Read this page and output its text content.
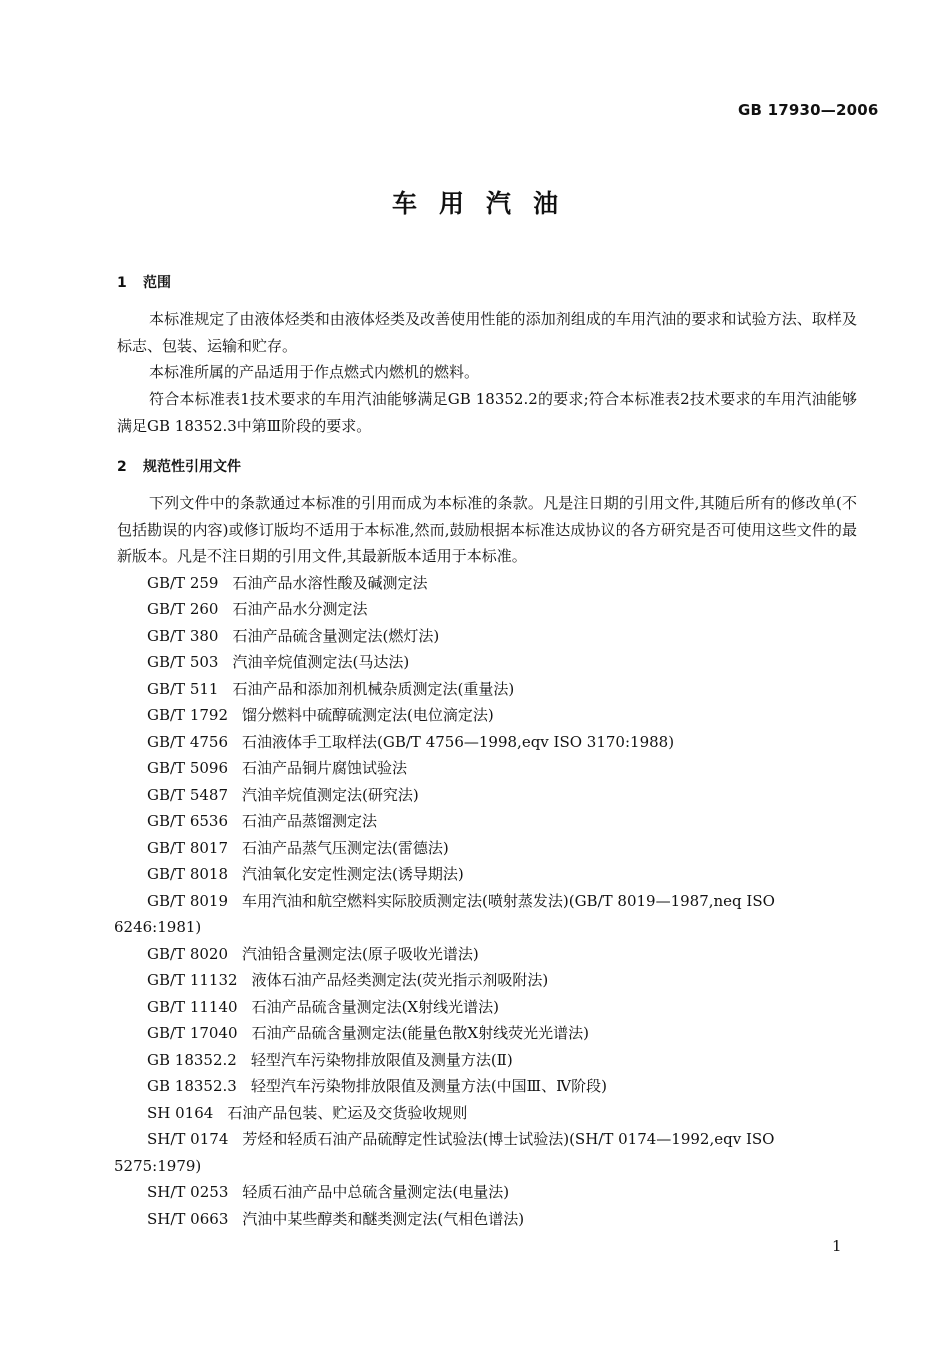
GB 17930—2006
车用汽油
1 范围
本标准规定了由液体烃类和由液体烃类及改善使用性能的添加剂组成的车用汽油的要求和试验方法、取样及标志、包装、运输和贮存。
本标准所属的产品适用于作点燃式内燃机的燃料。
符合本标准表1技术要求的车用汽油能够满足GB 18352.2的要求;符合本标准表2技术要求的车用汽油能够满足GB 18352.3中第Ⅲ阶段的要求。
2 规范性引用文件
下列文件中的条款通过本标准的引用而成为本标准的条款。凡是注日期的引用文件,其随后所有的修改单(不包括勘误的内容)或修订版均不适用于本标准,然而,鼓励根据本标准达成协议的各方研究是否可使用这些文件的最新版本。凡是不注日期的引用文件,其最新版本适用于本标准。
GB/T 259 石油产品水溶性酸及碱测定法
GB/T 260 石油产品水分测定法
GB/T 380 石油产品硫含量测定法(燃灯法)
GB/T 503 汽油辛烷值测定法(马达法)
GB/T 511 石油产品和添加剂机械杂质测定法(重量法)
GB/T 1792 馏分燃料中硫醇硫测定法(电位滴定法)
GB/T 4756 石油液体手工取样法(GB/T 4756—1998,eqv ISO 3170:1988)
GB/T 5096 石油产品铜片腐蚀试验法
GB/T 5487 汽油辛烷值测定法(研究法)
GB/T 6536 石油产品蒸馏测定法
GB/T 8017 石油产品蒸气压测定法(雷德法)
GB/T 8018 汽油氧化安定性测定法(诱导期法)
GB/T 8019 车用汽油和航空燃料实际胶质测定法(喷射蒸发法)(GB/T 8019—1987,neq ISO
6246:1981)
GB/T 8020 汽油铅含量测定法(原子吸收光谱法)
GB/T 11132 液体石油产品烃类测定法(荧光指示剂吸附法)
GB/T 11140 石油产品硫含量测定法(X射线光谱法)
GB/T 17040 石油产品硫含量测定法(能量色散X射线荧光光谱法)
GB 18352.2 轻型汽车污染物排放限值及测量方法(Ⅱ)
GB 18352.3 轻型汽车污染物排放限值及测量方法(中国Ⅲ、Ⅳ阶段)
SH 0164 石油产品包装、贮运及交货验收规则
SH/T 0174 芳烃和轻质石油产品硫醇定性试验法(博士试验法)(SH/T 0174—1992,eqv ISO
5275:1979)
SH/T 0253 轻质石油产品中总硫含量测定法(电量法)
SH/T 0663 汽油中某些醇类和醚类测定法(气相色谱法)
1
